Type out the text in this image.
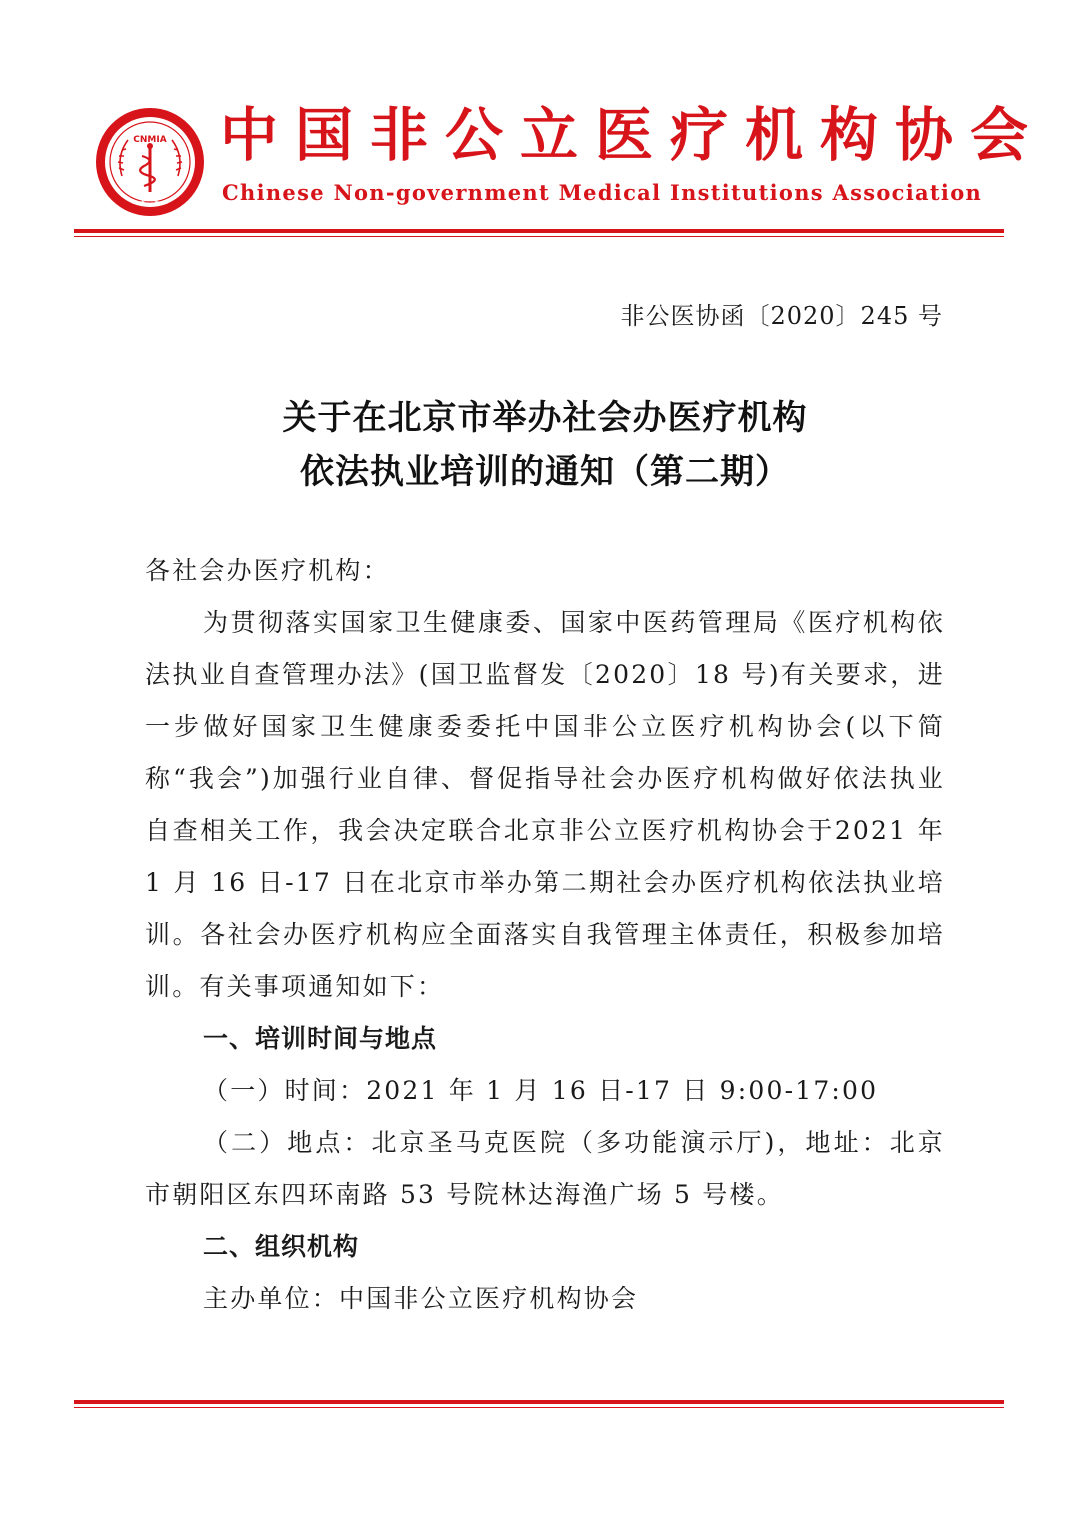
CNMIA
★ ★
中国非公立医疗机构协会
Chinese Non-government Medical Institutions Association
非公医协函〔2020〕245 号
关于在北京市举办社会办医疗机构
依法执业培训的通知（第二期）

各社会办医疗机构：

为贯彻落实国家卫生健康委、国家中医药管理局《医疗机构依法执业自查管理办法》(国卫监督发〔2020〕18 号)有关要求，进一步做好国家卫生健康委委托中国非公立医疗机构协会(以下简称“我会”)加强行业自律、督促指导社会办医疗机构做好依法执业自查相关工作，我会决定联合北京非公立医疗机构协会于2021 年 1 月 16 日-17 日在北京市举办第二期社会办医疗机构依法执业培训。各社会办医疗机构应全面落实自我管理主体责任，积极参加培训。有关事项通知如下：

一、培训时间与地点

（一）时间：2021 年 1 月 16 日-17 日 9:00-17:00

（二）地点：北京圣马克医院（多功能演示厅)，地址：北京市朝阳区东四环南路 53 号院林达海渔广场 5 号楼。

二、组织机构

主办单位：中国非公立医疗机构协会
